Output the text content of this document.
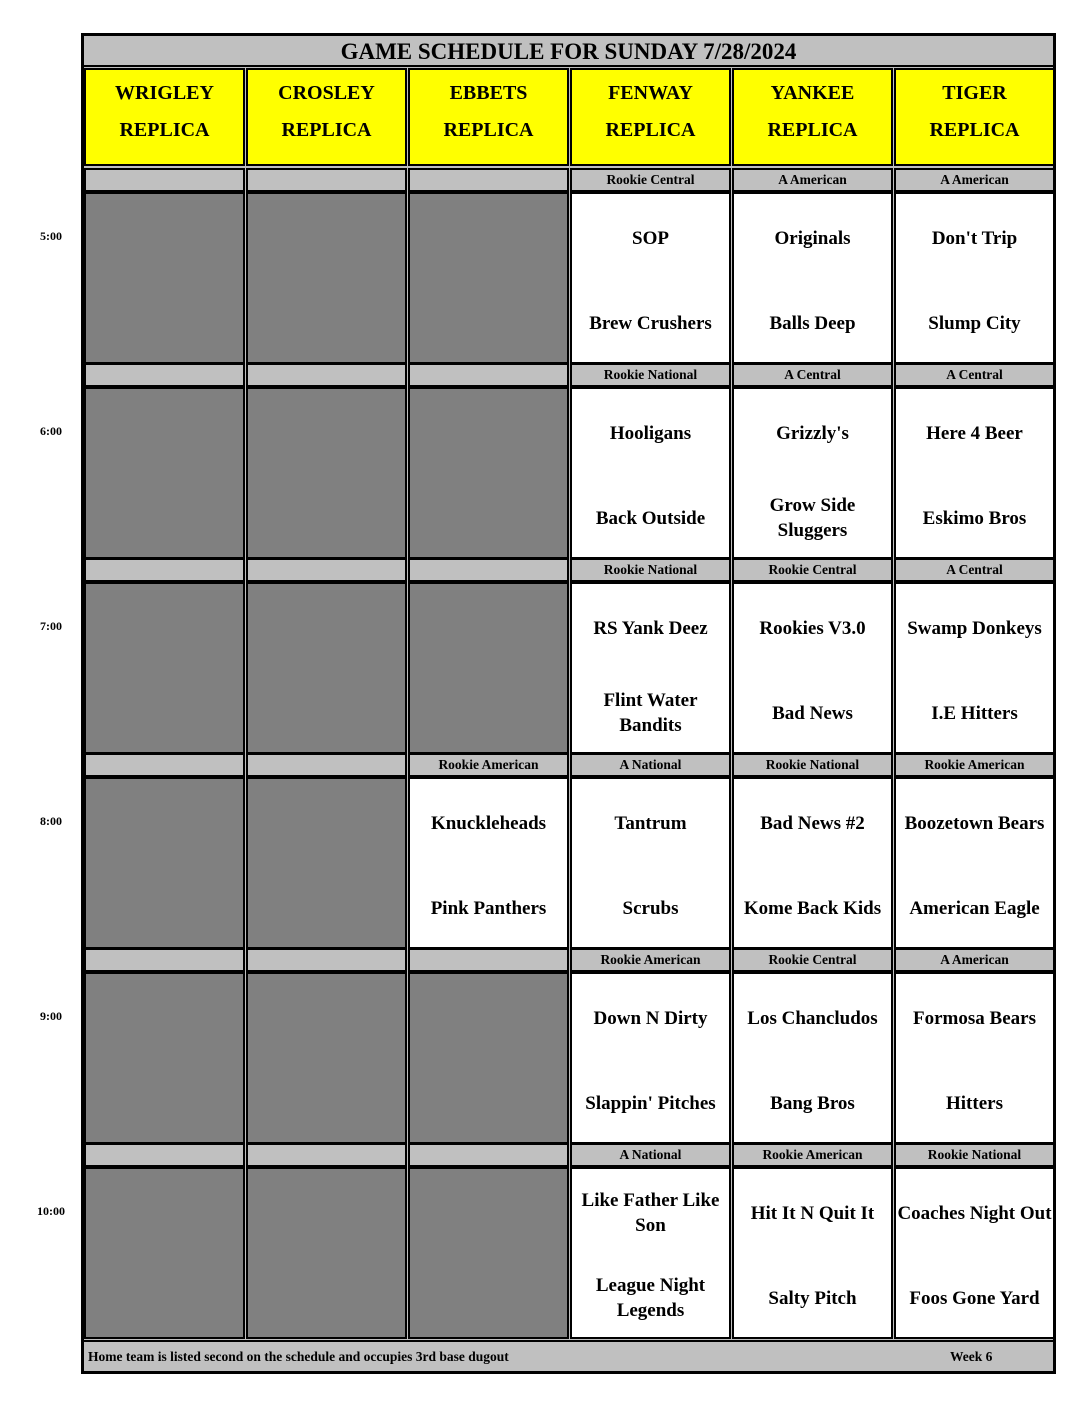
GAME SCHEDULE FOR SUNDAY 7/28/2024
WRIGLEY
REPLICA
CROSLEY
REPLICA
EBBETS
REPLICA
FENWAY
REPLICA
YANKEE
REPLICA
TIGER
REPLICA
5:00
Rookie Central
SOP
Brew Crushers
A American
Originals
Balls Deep
A American
Don't Trip
Slump City
6:00
Rookie National
Hooligans
Back Outside
A Central
Grizzly's
Grow Side Sluggers
A Central
Here 4 Beer
Eskimo Bros
7:00
Rookie National
RS Yank Deez
Flint Water Bandits
Rookie Central
Rookies V3.0
Bad News
A Central
Swamp Donkeys
I.E Hitters
8:00
Rookie American
Knuckleheads
Pink Panthers
A National
Tantrum
Scrubs
Rookie National
Bad News #2
Kome Back Kids
Rookie American
Boozetown Bears
American Eagle
9:00
Rookie American
Down N Dirty
Slappin' Pitches
Rookie Central
Los Chancludos
Bang Bros
A American
Formosa Bears
Hitters
10:00
A National
Like Father Like Son
League Night Legends
Rookie American
Hit It N Quit It
Salty Pitch
Rookie National
Coaches Night Out
Foos Gone Yard
Home team is listed second on the schedule and occupies 3rd base dugout	Week 6
